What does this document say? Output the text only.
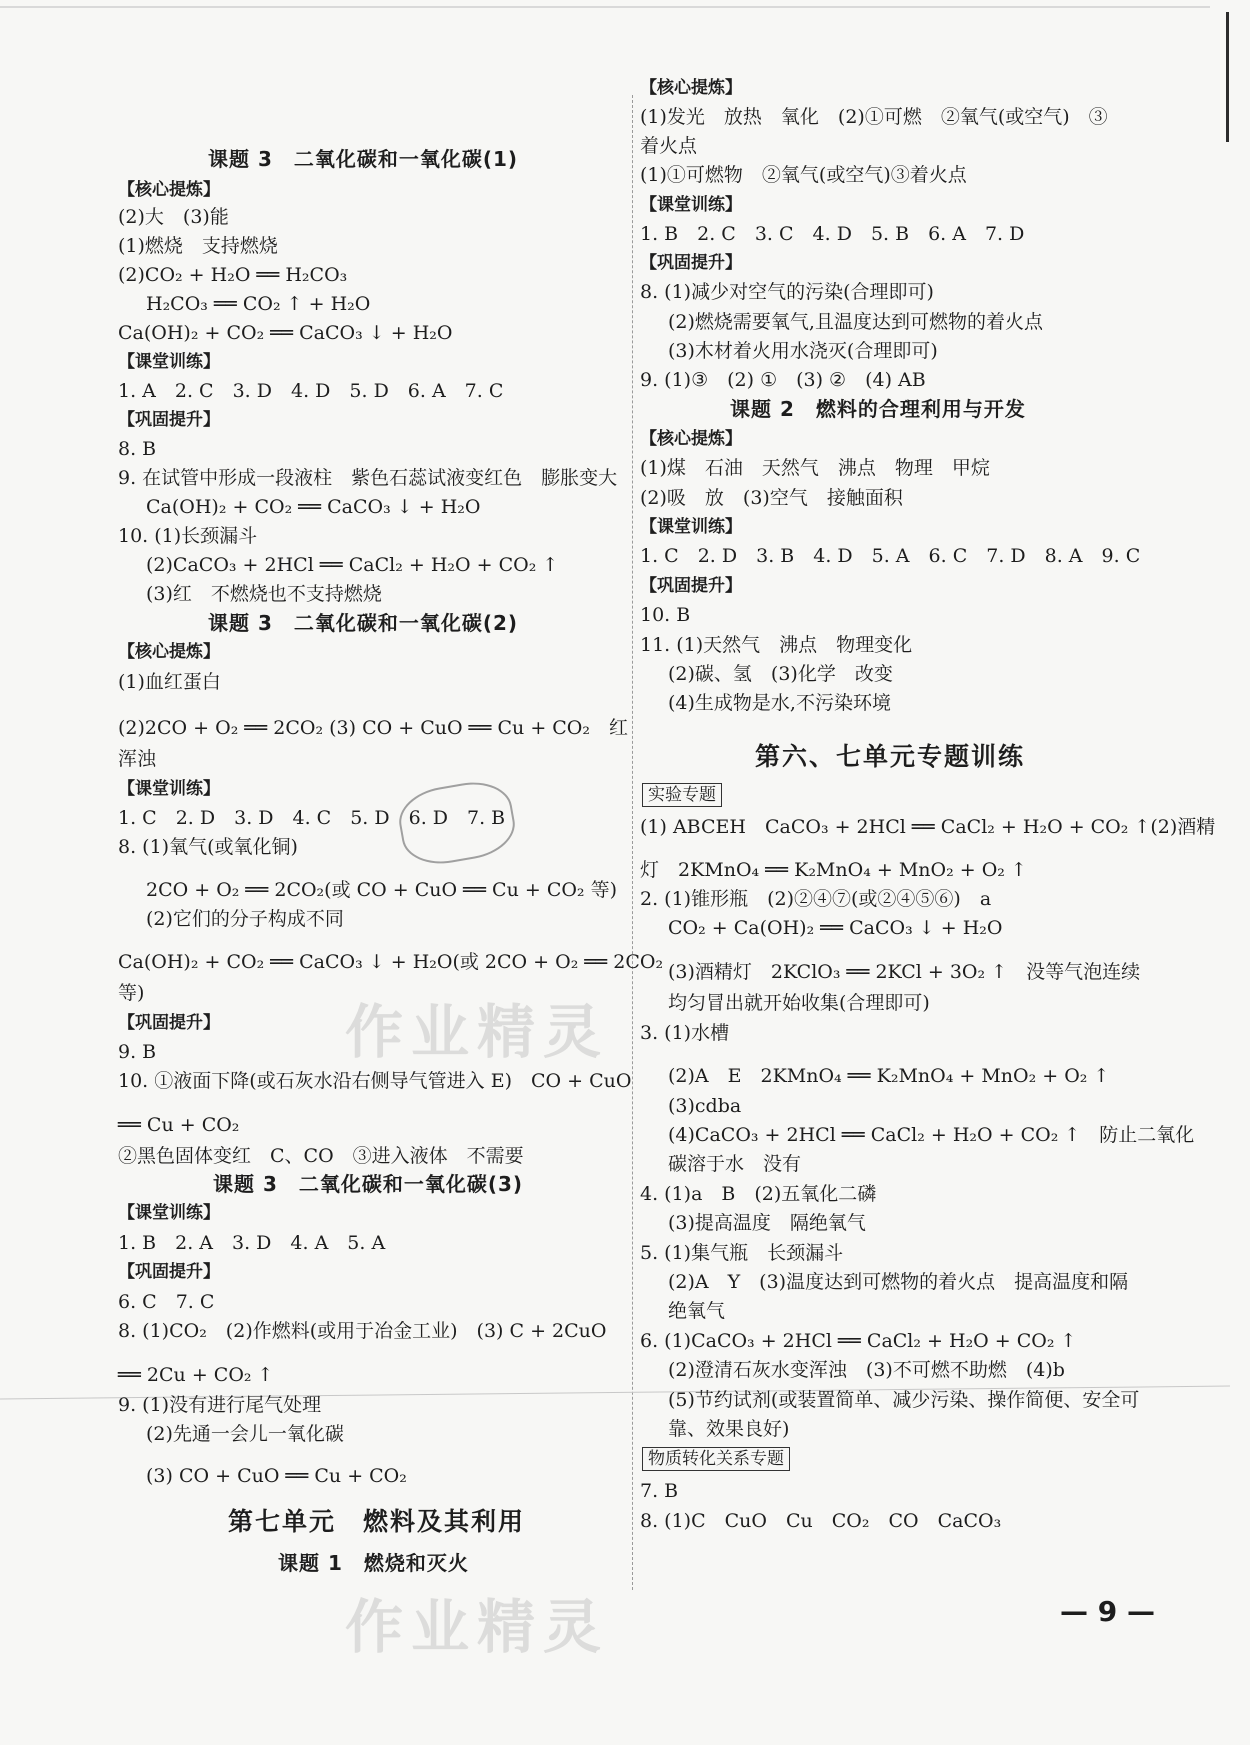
作业精灵
作业精灵
课题 3　二氧化碳和一氧化碳(1)
【核心提炼】
(2)大　(3)能
(1)燃烧　支持燃烧
(2)CO₂ + H₂O ══ H₂CO₃
H₂CO₃ ══ CO₂ ↑ + H₂O
Ca(OH)₂ + CO₂ ══ CaCO₃ ↓ + H₂O
【课堂训练】
1. A　2. C　3. D　4. D　5. D　6. A　7. C
【巩固提升】
8. B
9. 在试管中形成一段液柱　紫色石蕊试液变红色　膨胀变大
Ca(OH)₂ + CO₂ ══ CaCO₃ ↓ + H₂O
10. (1)长颈漏斗
(2)CaCO₃ + 2HCl ══ CaCl₂ + H₂O + CO₂ ↑
(3)红　不燃烧也不支持燃烧
课题 3　二氧化碳和一氧化碳(2)
【核心提炼】
(1)血红蛋白
(2)2CO + O₂ ══ 2CO₂ (3) CO + CuO ══ Cu + CO₂　红
浑浊
【课堂训练】
1. C　2. D　3. D　4. C　5. D　6. D　7. B
8. (1)氧气(或氧化铜)
2CO + O₂ ══ 2CO₂(或 CO + CuO ══ Cu + CO₂ 等)
(2)它们的分子构成不同
Ca(OH)₂ + CO₂ ══ CaCO₃ ↓ + H₂O(或 2CO + O₂ ══ 2CO₂
等)
【巩固提升】
9. B
10. ①液面下降(或石灰水沿右侧导气管进入 E)　CO + CuO
══ Cu + CO₂
②黑色固体变红　C、CO　③进入液体　不需要
课题 3　二氧化碳和一氧化碳(3)
【课堂训练】
1. B　2. A　3. D　4. A　5. A
【巩固提升】
6. C　7. C
8. (1)CO₂　(2)作燃料(或用于冶金工业)　(3) C + 2CuO
══ 2Cu + CO₂ ↑
9. (1)没有进行尾气处理
(2)先通一会儿一氧化碳
(3) CO + CuO ══ Cu + CO₂
第七单元　燃料及其利用
课题 1　燃烧和灭火
【核心提炼】
(1)发光　放热　氧化　(2)①可燃　②氧气(或空气)　③
着火点
(1)①可燃物　②氧气(或空气)③着火点
【课堂训练】
1. B　2. C　3. C　4. D　5. B　6. A　7. D
【巩固提升】
8. (1)减少对空气的污染(合理即可)
(2)燃烧需要氧气,且温度达到可燃物的着火点
(3)木材着火用水浇灭(合理即可)
9. (1)③　(2) ①　(3) ②　(4) AB
课题 2　燃料的合理利用与开发
【核心提炼】
(1)煤　石油　天然气　沸点　物理　甲烷
(2)吸　放　(3)空气　接触面积
【课堂训练】
1. C　2. D　3. B　4. D　5. A　6. C　7. D　8. A　9. C
【巩固提升】
10. B
11. (1)天然气　沸点　物理变化
(2)碳、氢　(3)化学　改变
(4)生成物是水,不污染环境
第六、七单元专题训练
实验专题
(1) ABCEH　CaCO₃ + 2HCl ══ CaCl₂ + H₂O + CO₂ ↑(2)酒精
灯　2KMnO₄ ══ K₂MnO₄ + MnO₂ + O₂ ↑
2. (1)锥形瓶　(2)②④⑦(或②④⑤⑥)　a
CO₂ + Ca(OH)₂ ══ CaCO₃ ↓ + H₂O
(3)酒精灯　2KClO₃ ══ 2KCl + 3O₂ ↑　没等气泡连续
均匀冒出就开始收集(合理即可)
3. (1)水槽
(2)A　E　2KMnO₄ ══ K₂MnO₄ + MnO₂ + O₂ ↑
(3)cdba
(4)CaCO₃ + 2HCl ══ CaCl₂ + H₂O + CO₂ ↑　防止二氧化
碳溶于水　没有
4. (1)a　B　(2)五氧化二磷
(3)提高温度　隔绝氧气
5. (1)集气瓶　长颈漏斗
(2)A　Y　(3)温度达到可燃物的着火点　提高温度和隔
绝氧气
6. (1)CaCO₃ + 2HCl ══ CaCl₂ + H₂O + CO₂ ↑
(2)澄清石灰水变浑浊　(3)不可燃不助燃　(4)b
(5)节约试剂(或装置简单、减少污染、操作简便、安全可
靠、效果良好)
物质转化关系专题
7. B
8. (1)C　CuO　Cu　CO₂　CO　CaCO₃
— 9 —
